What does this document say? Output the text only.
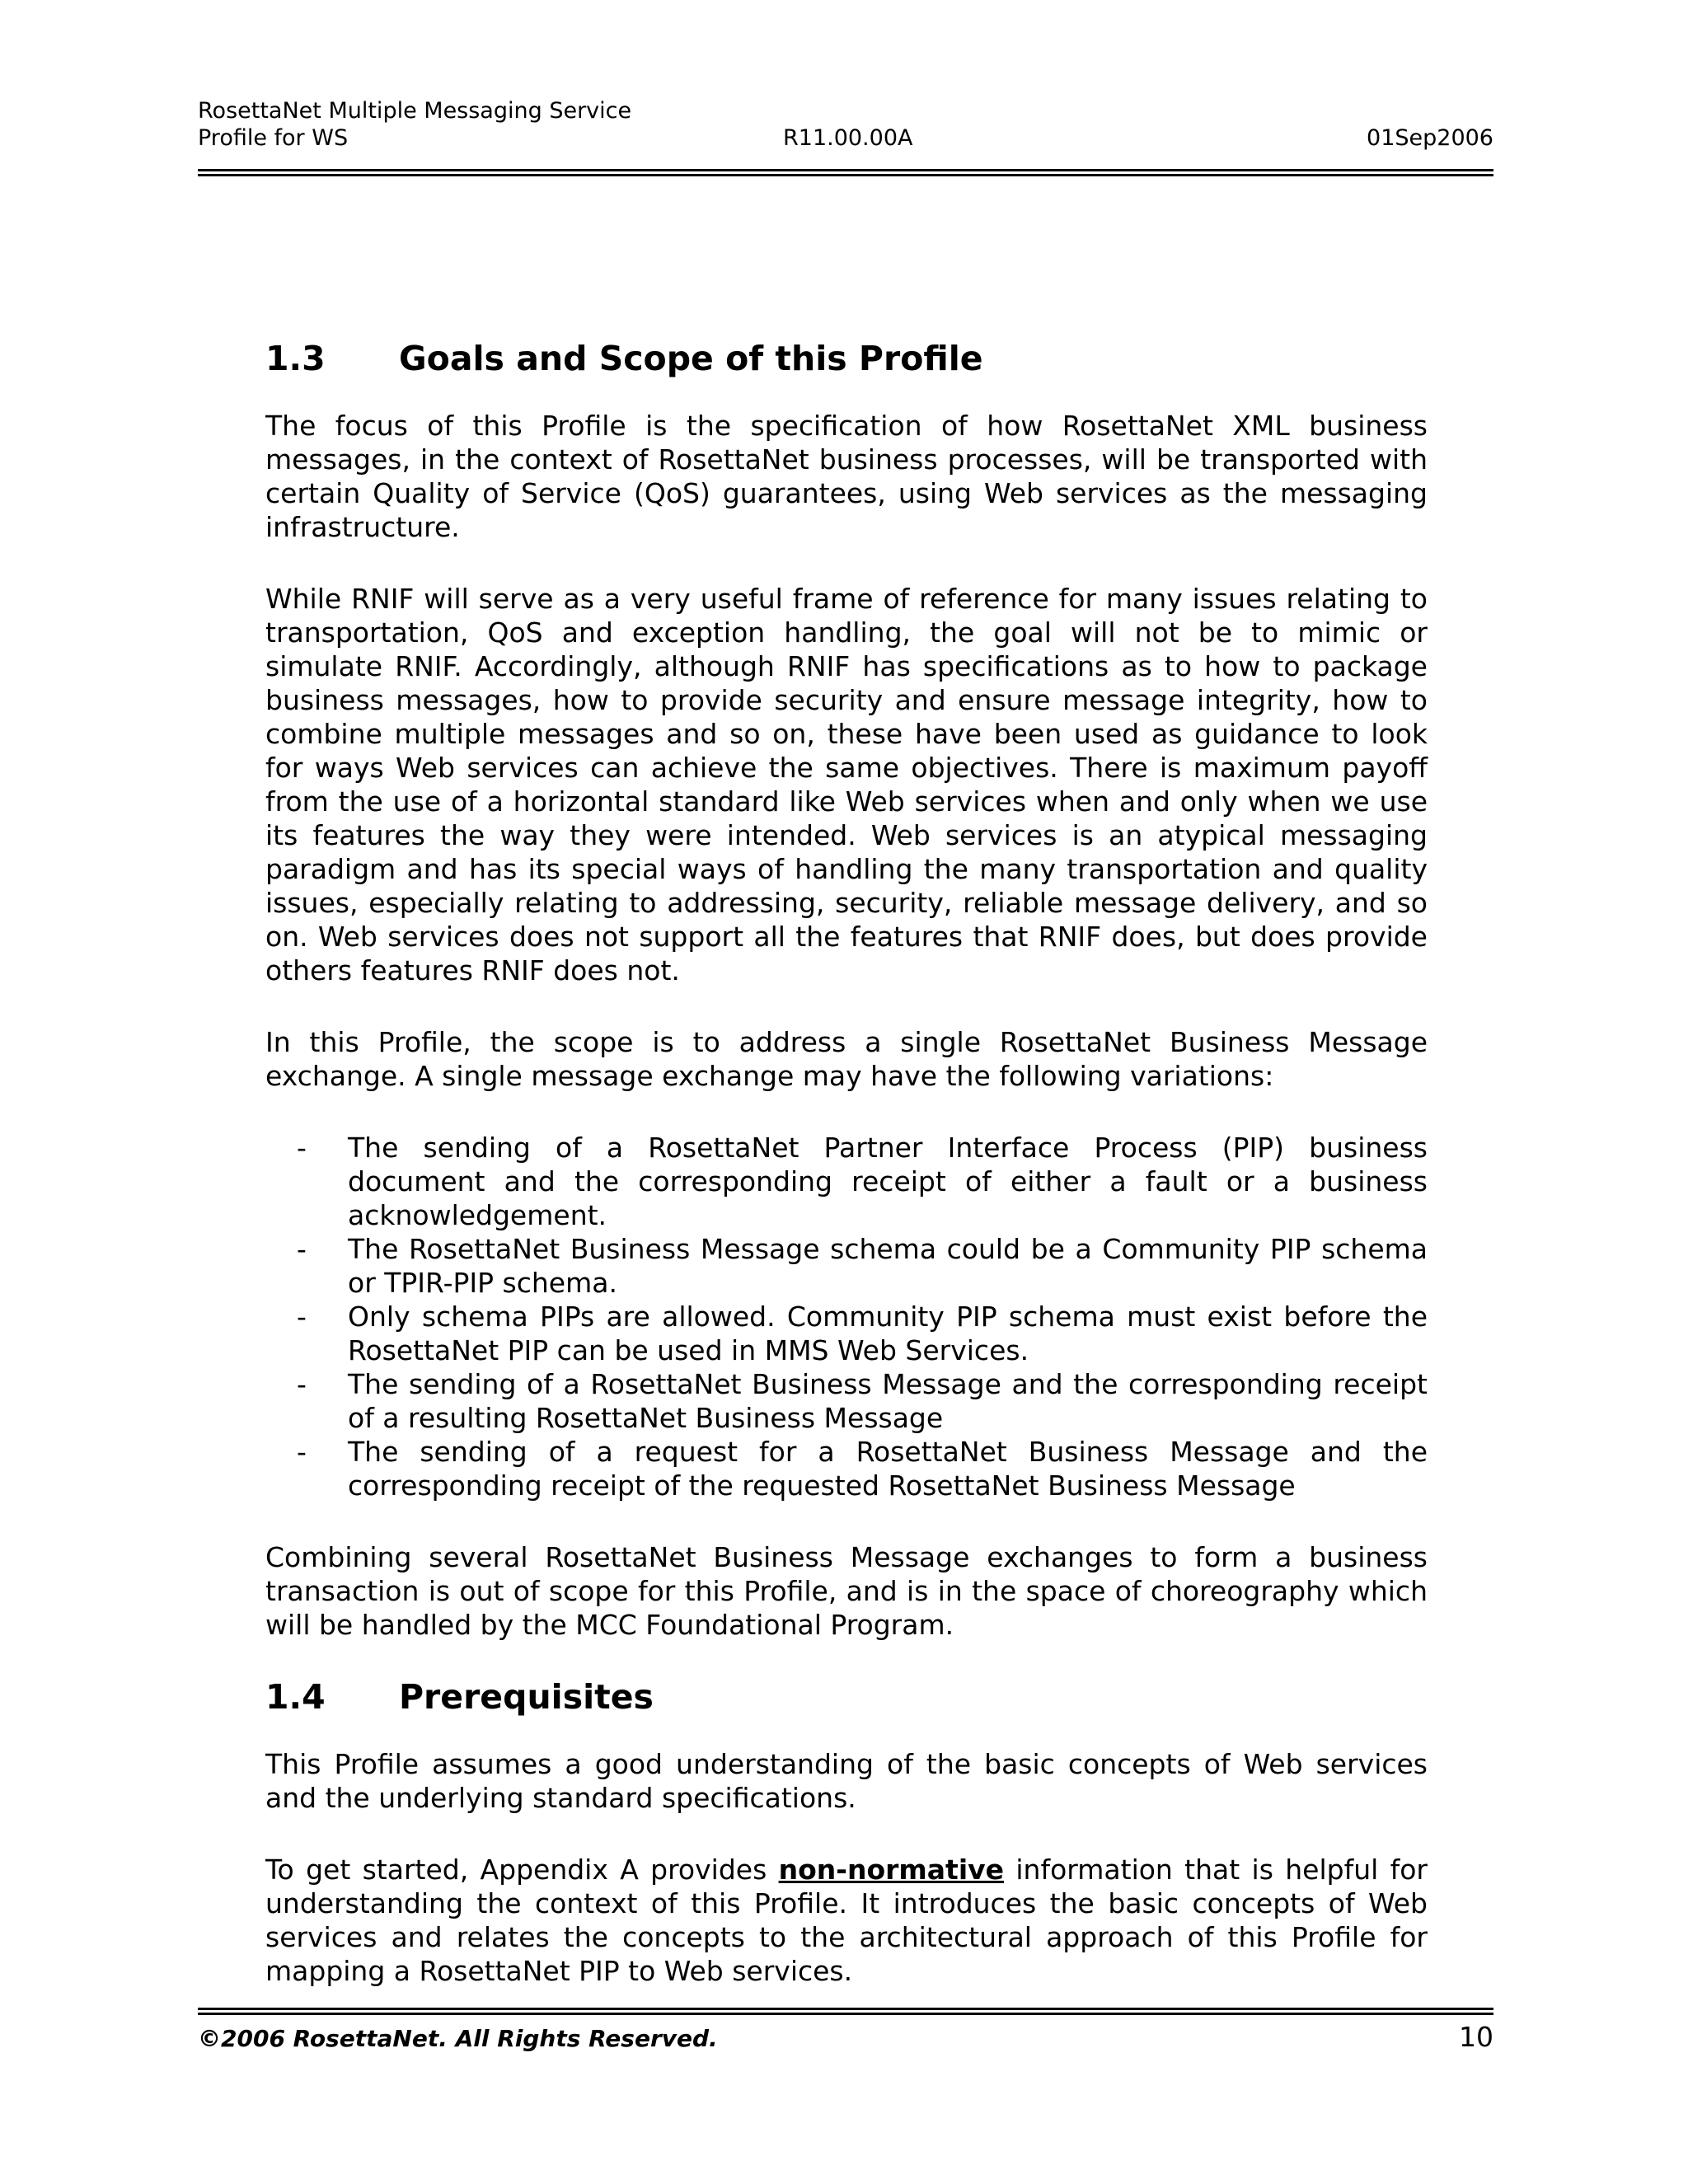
RosettaNet Multiple Messaging Service
Profile for WS	01Sep2006
R11.00.00A
1.3	Goals and Scope of this Profile

The focus of this Profile is the specification of how RosettaNet XML business messages, in the context of RosettaNet business processes, will be transported with certain Quality of Service (QoS) guarantees, using Web services as the messaging infrastructure.

While RNIF will serve as a very useful frame of reference for many issues relating to transportation, QoS and exception handling, the goal will not be to mimic or simulate RNIF. Accordingly, although RNIF has specifications as to how to package business messages, how to provide security and ensure message integrity, how to combine multiple messages and so on, these have been used as guidance to look for ways Web services can achieve the same objectives. There is maximum payoff from the use of a horizontal standard like Web services when and only when we use its features the way they were intended. Web services is an atypical messaging paradigm and has its special ways of handling the many transportation and quality issues, especially relating to addressing, security, reliable message delivery, and so on. Web services does not support all the features that RNIF does, but does provide others features RNIF does not.

In this Profile, the scope is to address a single RosettaNet Business Message exchange. A single message exchange may have the following variations:

- The sending of a RosettaNet Partner Interface Process (PIP) business document and the corresponding receipt of either a fault or a business acknowledgement.
- The RosettaNet Business Message schema could be a Community PIP schema or TPIR-PIP schema.
- Only schema PIPs are allowed. Community PIP schema must exist before the RosettaNet PIP can be used in MMS Web Services.
- The sending of a RosettaNet Business Message and the corresponding receipt of a resulting RosettaNet Business Message
- The sending of a request for a RosettaNet Business Message and the corresponding receipt of the requested RosettaNet Business Message

Combining several RosettaNet Business Message exchanges to form a business transaction is out of scope for this Profile, and is in the space of choreography which will be handled by the MCC Foundational Program.

1.4	Prerequisites

This Profile assumes a good understanding of the basic concepts of Web services and the underlying standard specifications.

To get started, Appendix A provides non-normative information that is helpful for understanding the context of this Profile. It introduces the basic concepts of Web services and relates the concepts to the architectural approach of this Profile for mapping a RosettaNet PIP to Web services.

©2006 RosettaNet. All Rights Reserved.	10
